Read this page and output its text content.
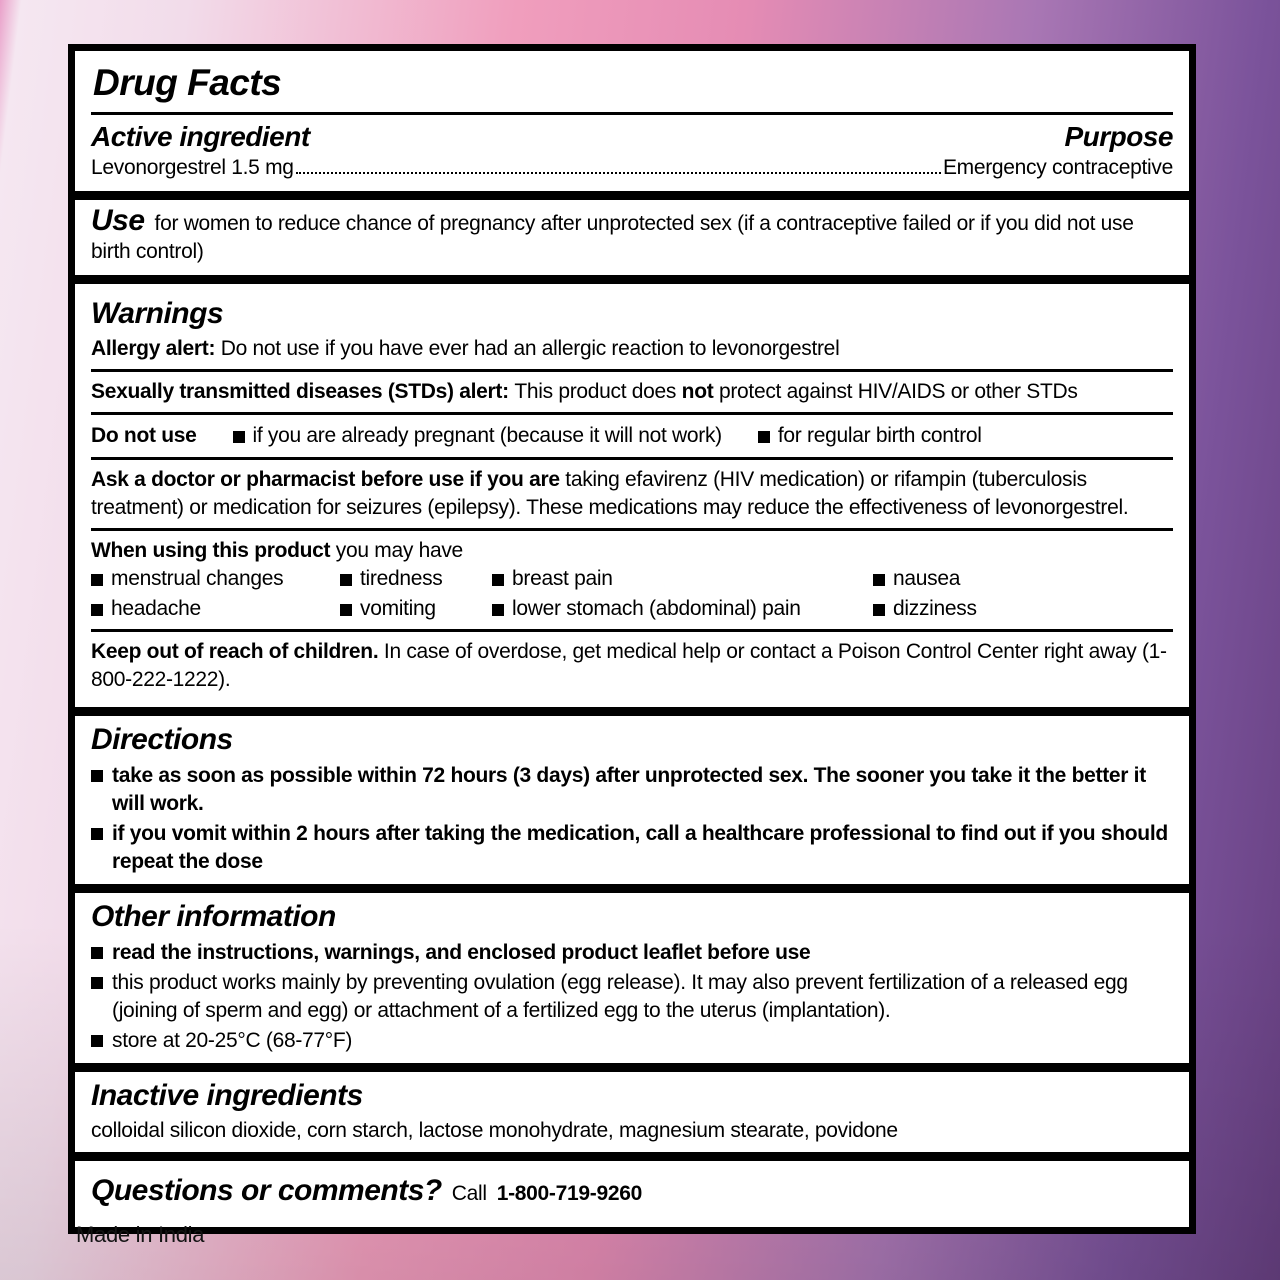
Drug Facts
Active ingredient	Purpose
Levonorgestrel 1.5 mg	Emergency contraceptive
Use for women to reduce chance of pregnancy after unprotected sex (if a contraceptive failed or if you did not use birth control)
Warnings
Allergy alert: Do not use if you have ever had an allergic reaction to levonorgestrel
Sexually transmitted diseases (STDs) alert: This product does not protect against HIV/AIDS or other STDs
Do not use	if you are already pregnant (because it will not work)	for regular birth control
Ask a doctor or pharmacist before use if you are taking efavirenz (HIV medication) or rifampin (tuberculosis treatment) or medication for seizures (epilepsy). These medications may reduce the effectiveness of levonorgestrel.
When using this product you may have
menstrual changes	tiredness	breast pain	nausea
headache	vomiting	lower stomach (abdominal) pain	dizziness
Keep out of reach of children. In case of overdose, get medical help or contact a Poison Control Center right away (1-800-222-1222).
Directions
take as soon as possible within 72 hours (3 days) after unprotected sex. The sooner you take it the better it will work.
if you vomit within 2 hours after taking the medication, call a healthcare professional to find out if you should repeat the dose
Other information
read the instructions, warnings, and enclosed product leaflet before use
this product works mainly by preventing ovulation (egg release). It may also prevent fertilization of a released egg (joining of sperm and egg) or attachment of a fertilized egg to the uterus (implantation).
store at 20-25°C (68-77°F)
Inactive ingredients
colloidal silicon dioxide, corn starch, lactose monohydrate, magnesium stearate, povidone
Questions or comments? Call 1-800-719-9260
Made in India
